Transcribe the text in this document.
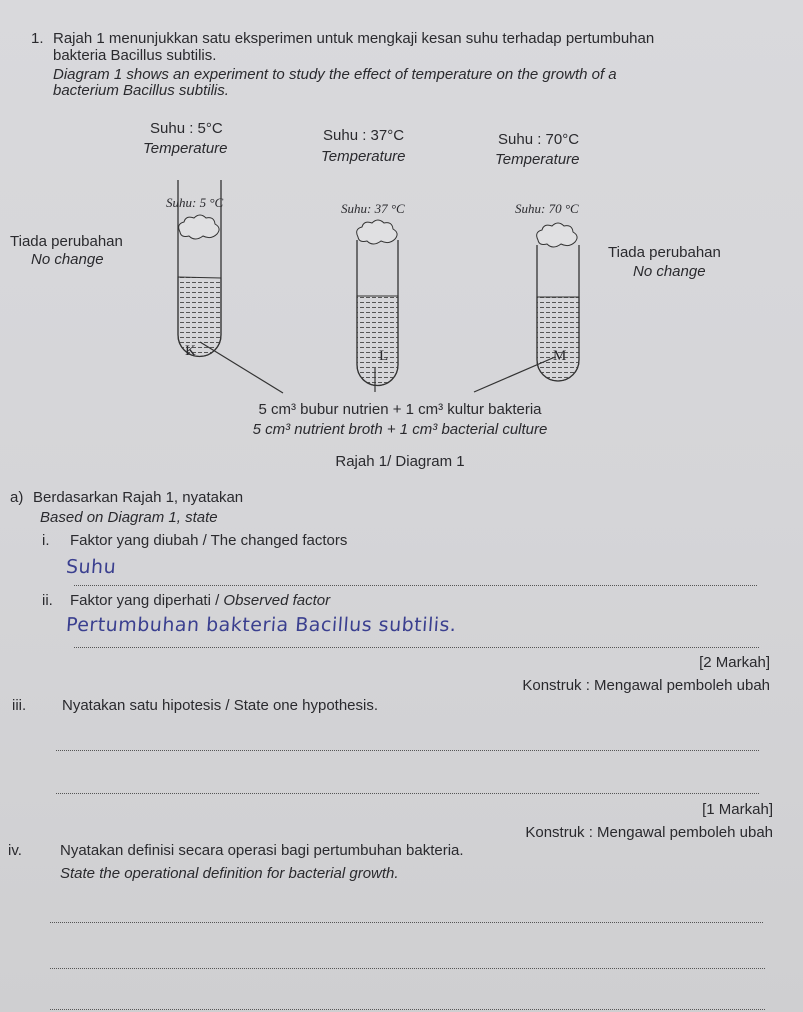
1. Rajah 1 menunjukkan satu eksperimen untuk mengkaji kesan suhu terhadap pertumbuhan
bakteria Bacillus subtilis.
Diagram 1 shows an experiment to study the effect of temperature on the growth of a
bacterium Bacillus subtilis.
Suhu : 5°C
Temperature
Suhu : 37°C
Temperature
Suhu : 70°C
Temperature
Suhu: 5 °C	Suhu: 37 °C	Suhu: 70 °C
Tiada perubahan
No change	Tiada perubahan
No change
K	L	M
5 cm³ bubur nutrien + 1 cm³ kultur bakteria
5 cm³ nutrient broth + 1 cm³ bacterial culture
Rajah 1/ Diagram 1
a) Berdasarkan Rajah 1, nyatakan
Based on Diagram 1, state
i. Faktor yang diubah / The changed factors
Suhu
ii. Faktor yang diperhati / Observed factor
Pertumbuhan bakteria Bacillus subtilis.
[2 Markah]
Konstruk : Mengawal pemboleh ubah
iii. Nyatakan satu hipotesis / State one hypothesis.
[1 Markah]
Konstruk : Mengawal pemboleh ubah
iv.	Nyatakan definisi secara operasi bagi pertumbuhan bakteria.
State the operational definition for bacterial growth.
